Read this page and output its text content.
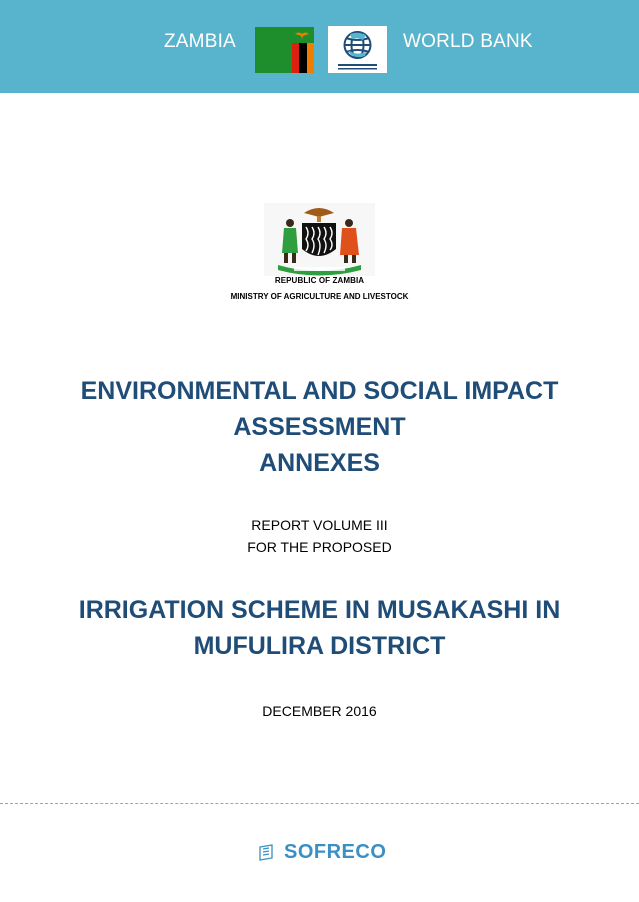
ZAMBIA	WORLD BANK
REPUBLIC OF ZAMBIA
MINISTRY OF AGRICULTURE AND LIVESTOCK
ENVIRONMENTAL AND SOCIAL IMPACT
ASSESSMENT
ANNEXES
REPORT VOLUME III
FOR THE PROPOSED
IRRIGATION SCHEME IN MUSAKASHI IN
MUFULIRA DISTRICT
DECEMBER 2016
SOFRECO
